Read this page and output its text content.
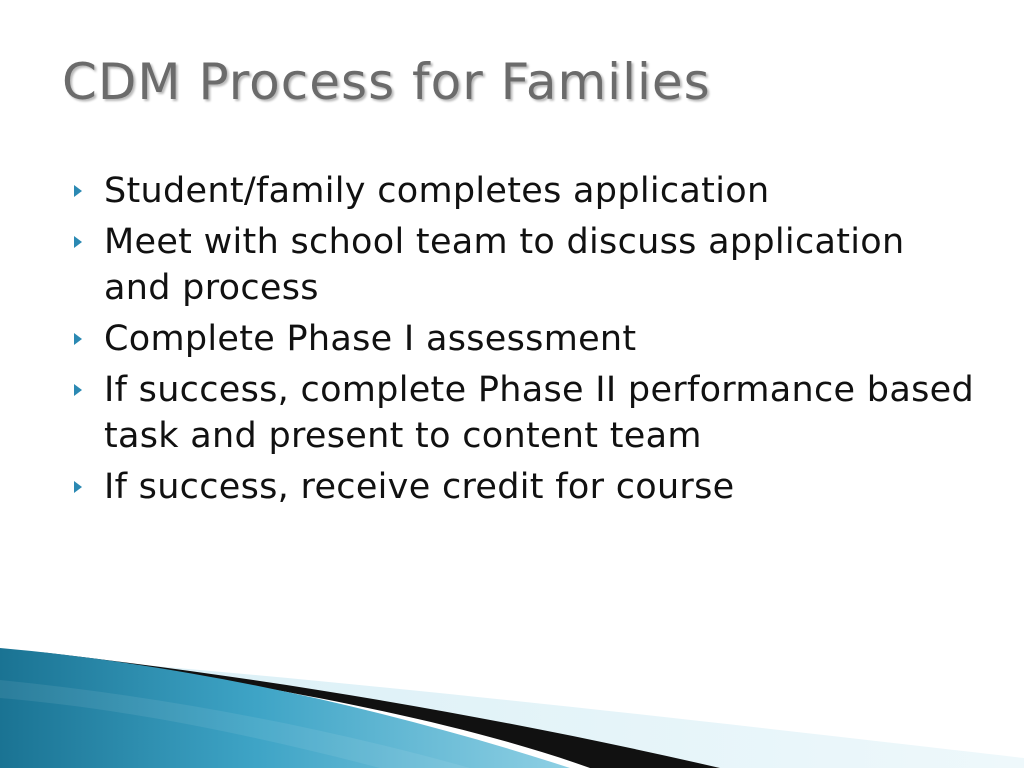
CDM Process for Families
Student/family completes application
Meet with school team to discuss application and process
Complete Phase I assessment
If success, complete Phase II performance based task and present to content team
If success, receive credit for course
